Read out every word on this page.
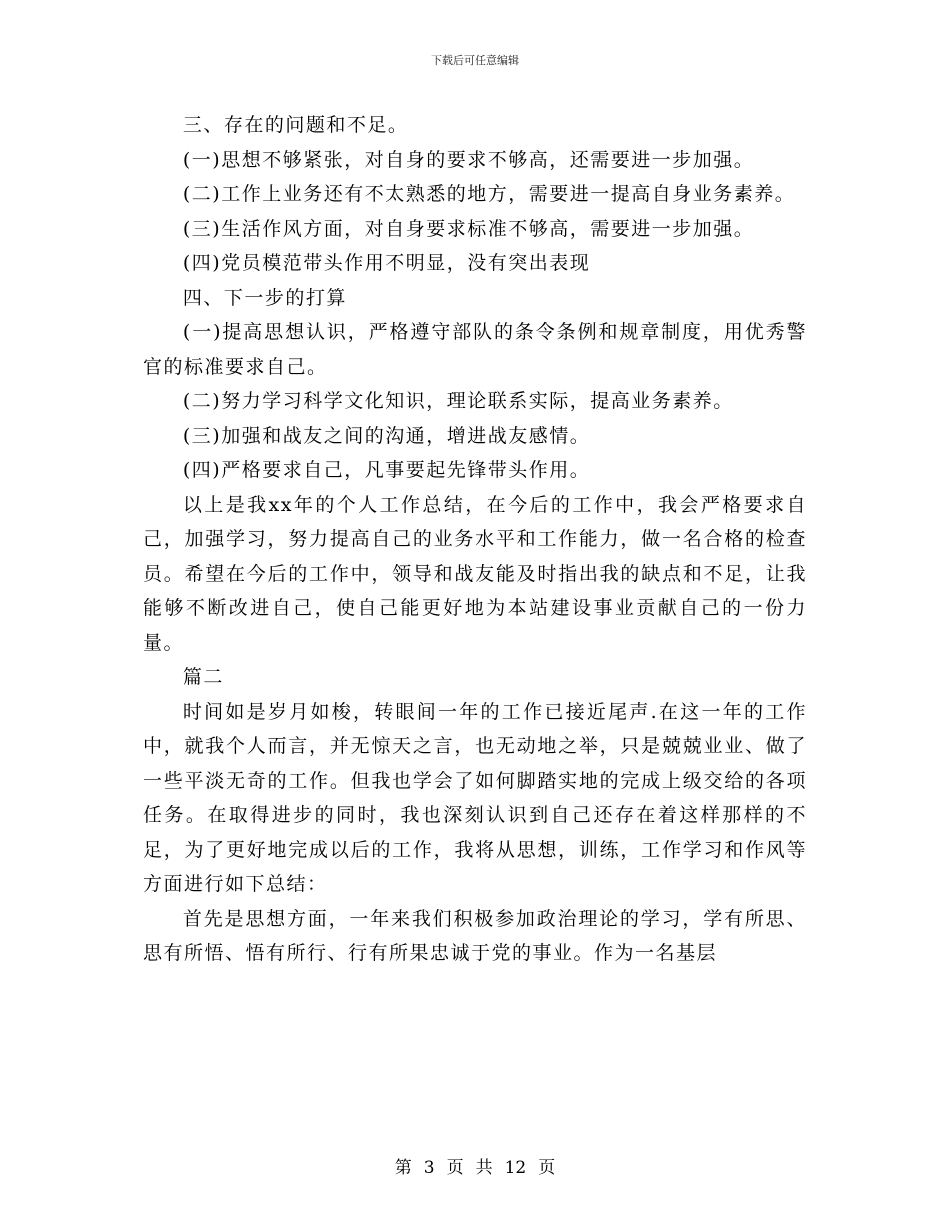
下载后可任意编辑

三、存在的问题和不足。

(一)思想不够紧张，对自身的要求不够高，还需要进一步加强。

(二)工作上业务还有不太熟悉的地方，需要进一提高自身业务素养。

(三)生活作风方面，对自身要求标准不够高，需要进一步加强。

(四)党员模范带头作用不明显，没有突出表现

四、下一步的打算

(一)提高思想认识，严格遵守部队的条令条例和规章制度，用优秀警官的标准要求自己。

(二)努力学习科学文化知识，理论联系实际，提高业务素养。

(三)加强和战友之间的沟通，增进战友感情。

(四)严格要求自己，凡事要起先锋带头作用。

以上是我xx年的个人工作总结，在今后的工作中，我会严格要求自己，加强学习，努力提高自己的业务水平和工作能力，做一名合格的检查员。希望在今后的工作中，领导和战友能及时指出我的缺点和不足，让我能够不断改进自己，使自己能更好地为本站建设事业贡献自己的一份力量。

篇二

时间如是岁月如梭，转眼间一年的工作已接近尾声.在这一年的工作中，就我个人而言，并无惊天之言，也无动地之举，只是兢兢业业、做了一些平淡无奇的工作。但我也学会了如何脚踏实地的完成上级交给的各项任务。在取得进步的同时，我也深刻认识到自己还存在着这样那样的不足，为了更好地完成以后的工作，我将从思想，训练，工作学习和作风等方面进行如下总结：

首先是思想方面，一年来我们积极参加政治理论的学习，学有所思、思有所悟、悟有所行、行有所果忠诚于党的事业。作为一名基层

第 3 页 共 12 页
